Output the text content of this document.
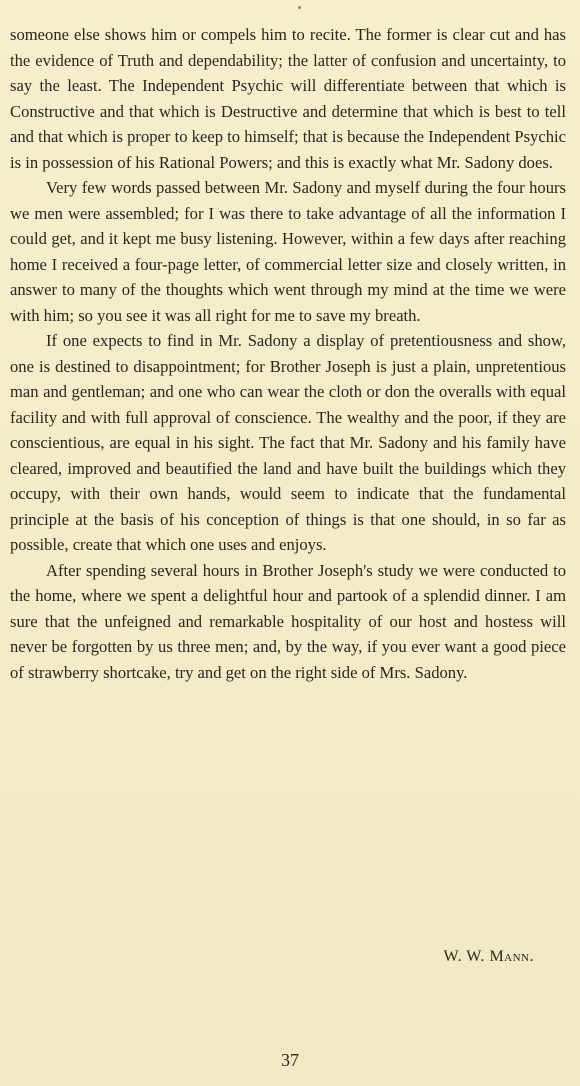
someone else shows him or compels him to recite. The former is clear cut and has the evidence of Truth and dependability; the latter of confusion and uncertainty, to say the least. The Independent Psychic will differentiate between that which is Constructive and that which is Destructive and determine that which is best to tell and that which is proper to keep to himself; that is because the Independent Psychic is in possession of his Rational Powers; and this is exactly what Mr. Sadony does.

Very few words passed between Mr. Sadony and myself during the four hours we men were assembled; for I was there to take advantage of all the information I could get, and it kept me busy listening. However, within a few days after reaching home I received a four-page letter, of commercial letter size and closely written, in answer to many of the thoughts which went through my mind at the time we were with him; so you see it was all right for me to save my breath.

If one expects to find in Mr. Sadony a display of pretentiousness and show, one is destined to disappointment; for Brother Joseph is just a plain, unpretentious man and gentleman; and one who can wear the cloth or don the overalls with equal facility and with full approval of conscience. The wealthy and the poor, if they are conscientious, are equal in his sight. The fact that Mr. Sadony and his family have cleared, improved and beautified the land and have built the buildings which they occupy, with their own hands, would seem to indicate that the fundamental principle at the basis of his conception of things is that one should, in so far as possible, create that which one uses and enjoys.

After spending several hours in Brother Joseph's study we were conducted to the home, where we spent a delightful hour and partook of a splendid dinner. I am sure that the unfeigned and remarkable hospitality of our host and hostess will never be forgotten by us three men; and, by the way, if you ever want a good piece of strawberry shortcake, try and get on the right side of Mrs. Sadony.

W. W. Mann.
37
